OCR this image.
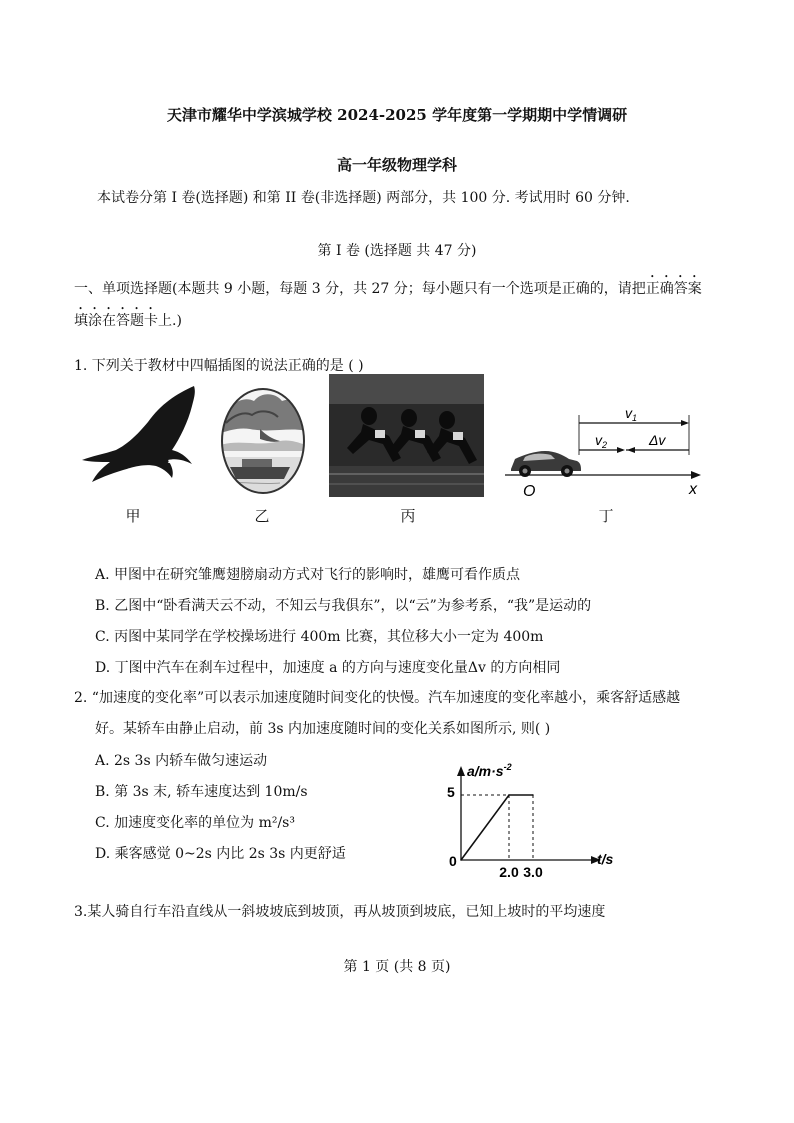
天津市耀华中学滨城学校 2024-2025 学年度第一学期期中学情调研
高一年级物理学科
本试卷分第 I 卷(选择题) 和第 II 卷(非选择题) 两部分，共 100 分. 考试用时 60 分钟.
第 I 卷 (选择题 共 47 分)
一、单项选择题(本题共 9 小题，每题 3 分，共 27 分；每小题只有一个选项是正确的，请把正确答案
填涂在答题卡上.)
1. 下列关于教材中四幅插图的说法正确的是 ( )
$v_1$
$v_2$	Δv
O	x
甲	乙	丙	丁
A. 甲图中在研究雏鹰翅膀扇动方式对飞行的影响时，雄鹰可看作质点
B. 乙图中“卧看满天云不动，不知云与我俱东”，以“云”为参考系，“我”是运动的
C. 丙图中某同学在学校操场进行 400m 比赛，其位移大小一定为 400m
D. 丁图中汽车在刹车过程中，加速度 a 的方向与速度变化量Δv 的方向相同
2. “加速度的变化率”可以表示加速度随时间变化的快慢。汽车加速度的变化率越小，乘客舒适感越
好。某轿车由静止启动，前 3s 内加速度随时间的变化关系如图所示, 则( )
A. 2s 3s 内轿车做匀速运动
B. 第 3s 末, 轿车速度达到 10m/s
C. 加速度变化率的单位为 m²/s³
D. 乘客感觉 0~2s 内比 2s 3s 内更舒适
$a/m\cdot s^{-2}$
t/s
5
0
2.0 3.0
3.某人骑自行车沿直线从一斜坡坡底到坡顶，再从坡顶到坡底，已知上坡时的平均速度
第 1 页 (共 8 页)
